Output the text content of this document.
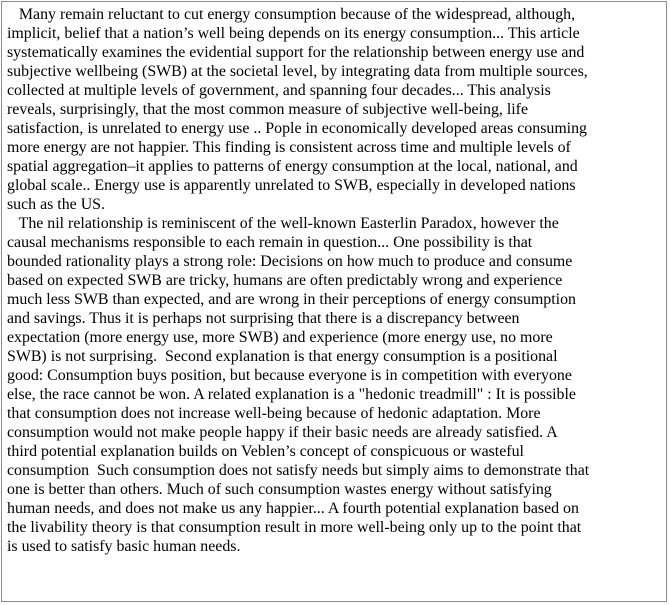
Many remain reluctant to cut energy consumption because of the widespread, although,
implicit, belief that a nation’s well being depends on its energy consumption... This article
systematically examines the evidential support for the relationship between energy use and
subjective wellbeing (SWB) at the societal level, by integrating data from multiple sources,
collected at multiple levels of government, and spanning four decades... This analysis
reveals, surprisingly, that the most common measure of subjective well-being, life
satisfaction, is unrelated to energy use .. Pople in economically developed areas consuming
more energy are not happier. This finding is consistent across time and multiple levels of
spatial aggregation–it applies to patterns of energy consumption at the local, national, and
global scale.. Energy use is apparently unrelated to SWB, especially in developed nations
such as the US.
The nil relationship is reminiscent of the well-known Easterlin Paradox, however the
causal mechanisms responsible to each remain in question... One possibility is that
bounded rationality plays a strong role: Decisions on how much to produce and consume
based on expected SWB are tricky, humans are often predictably wrong and experience
much less SWB than expected, and are wrong in their perceptions of energy consumption
and savings. Thus it is perhaps not surprising that there is a discrepancy between
expectation (more energy use, more SWB) and experience (more energy use, no more
SWB) is not surprising.  Second explanation is that energy consumption is a positional
good: Consumption buys position, but because everyone is in competition with everyone
else, the race cannot be won. A related explanation is a "hedonic treadmill" : It is possible
that consumption does not increase well-being because of hedonic adaptation. More
consumption would not make people happy if their basic needs are already satisfied. A
third potential explanation builds on Veblen’s concept of conspicuous or wasteful
consumption  Such consumption does not satisfy needs but simply aims to demonstrate that
one is better than others. Much of such consumption wastes energy without satisfying
human needs, and does not make us any happier... A fourth potential explanation based on
the livability theory is that consumption result in more well-being only up to the point that
is used to satisfy basic human needs.
